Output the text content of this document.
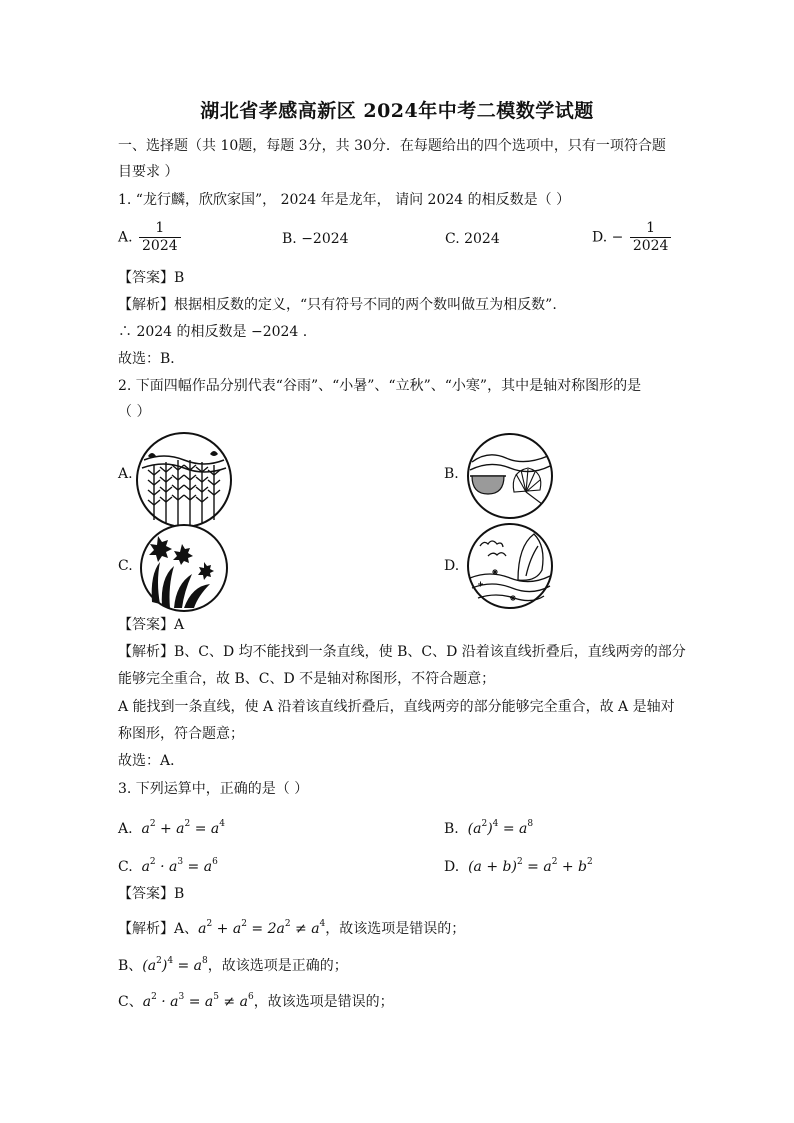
湖北省孝感高新区 2024年中考二模数学试题
一、选择题（共 10题，每题 3分，共 30分．在每题给出的四个选项中，只有一项符合题
目要求 ）
1. “龙行麟，欣欣家国”， 2024 年是龙年， 请问 2024 的相反数是（ ）
A. $\frac{1}{2024}$	B. −2024	C. 2024	D. − $\frac{1}{2024}$
【答案】B
【解析】根据相反数的定义，“只有符号不同的两个数叫做互为相反数”.
∴ 2024 的相反数是 −2024 .
故选：B．
2. 下面四幅作品分别代表“谷雨”、“小暑”、“立秋”、“小寒”，其中是轴对称图形的是
（ ）
A.	B.
C.	D.
【答案】A
【解析】B、C、D 均不能找到一条直线，使 B、C、D 沿着该直线折叠后，直线两旁的部分
能够完全重合，故 B、C、D 不是轴对称图形，不符合题意；
A 能找到一条直线，使 A 沿着该直线折叠后，直线两旁的部分能够完全重合，故 A 是轴对
称图形，符合题意；
故选：A．
3. 下列运算中，正确的是（ ）
A.  $a^2 + a^2 = a^4$	B.  $(a^2)^4 = a^8$
C.  $a^2 \cdot a^3 = a^6$	D.  $(a + b)^2 = a^2 + b^2$
【答案】B
【解析】A、$a^2 + a^2 = 2a^2 \ne a^4$，故该选项是错误的；
B、$(a^2)^4 = a^8$，故该选项是正确的；
C、$a^2 \cdot a^3 = a^5 \ne a^6$，故该选项是错误的；
